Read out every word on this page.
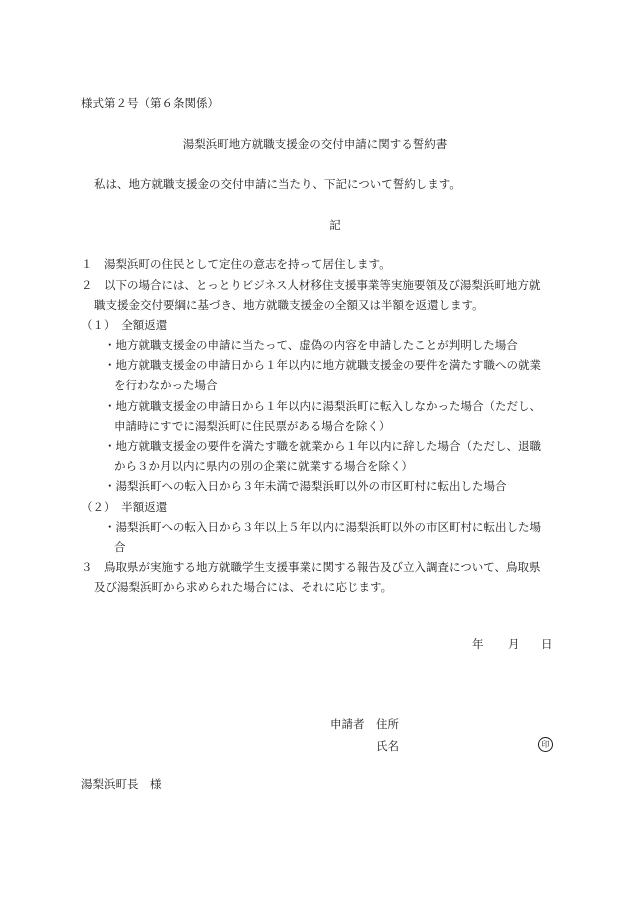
様式第２号（第６条関係）
湯梨浜町地方就職支援金の交付申請に関する誓約書
私は、地方就職支援金の交付申請に当たり、下記について誓約します。
記
１　湯梨浜町の住民として定住の意志を持って居住します。
２　以下の場合には、とっとりビジネス人材移住支援事業等実施要領及び湯梨浜町地方就
職支援金交付要綱に基づき、地方就職支援金の全額又は半額を返還します。
（１）　全額返還
・地方就職支援金の申請に当たって、虚偽の内容を申請したことが判明した場合
・地方就職支援金の申請日から１年以内に地方就職支援金の要件を満たす職への就業
を行わなかった場合
・地方就職支援金の申請日から１年以内に湯梨浜町に転入しなかった場合（ただし、
申請時にすでに湯梨浜町に住民票がある場合を除く）
・地方就職支援金の要件を満たす職を就業から１年以内に辞した場合（ただし、退職
から３か月以内に県内の別の企業に就業する場合を除く）
・湯梨浜町への転入日から３年未満で湯梨浜町以外の市区町村に転出した場合
（２）　半額返還
・湯梨浜町への転入日から３年以上５年以内に湯梨浜町以外の市区町村に転出した場
合
３　鳥取県が実施する地方就職学生支援事業に関する報告及び立入調査について、鳥取県
及び湯梨浜町から求められた場合には、それに応じます。
年 月 日
申請者 住所
氏名	印
湯梨浜町長　様
